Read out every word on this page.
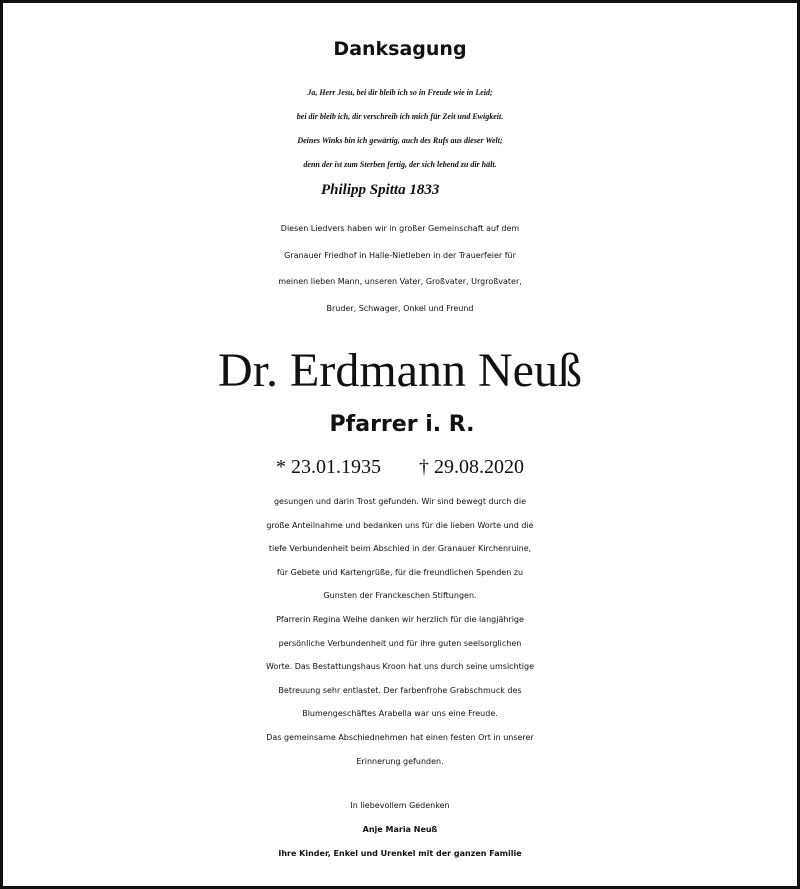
Danksagung
Ja, Herr Jesu, bei dir bleib ich so in Freude wie in Leid;
bei dir bleib ich, dir verschreib ich mich für Zeit und Ewigkeit.
Deines Winks bin ich gewärtig, auch des Rufs aus dieser Welt;
denn der ist zum Sterben fertig, der sich lebend zu dir hält.
Philipp Spitta 1833
Diesen Liedvers haben wir in großer Gemeinschaft auf dem
Granauer Friedhof in Halle-Nietleben in der Trauerfeier für
meinen lieben Mann, unseren Vater, Großvater, Urgroßvater,
Bruder, Schwager, Onkel und Freund
Dr. Erdmann Neuß
Pfarrer i. R.
* 23.01.1935 † 29.08.2020
gesungen und darin Trost gefunden. Wir sind bewegt durch die
große Anteilnahme und bedanken uns für die lieben Worte und die
tiefe Verbundenheit beim Abschied in der Granauer Kirchenruine,
für Gebete und Kartengrüße, für die freundlichen Spenden zu
Gunsten der Franckeschen Stiftungen.
Pfarrerin Regina Weihe danken wir herzlich für die langjährige
persönliche Verbundenheit und für ihre guten seelsorglichen
Worte. Das Bestattungshaus Kroon hat uns durch seine umsichtige
Betreuung sehr entlastet. Der farbenfrohe Grabschmuck des
Blumengeschäftes Arabella war uns eine Freude.
Das gemeinsame Abschiednehmen hat einen festen Ort in unserer
Erinnerung gefunden.
In liebevollem Gedenken
Anje Maria Neuß
Ihre Kinder, Enkel und Urenkel mit der ganzen Familie
